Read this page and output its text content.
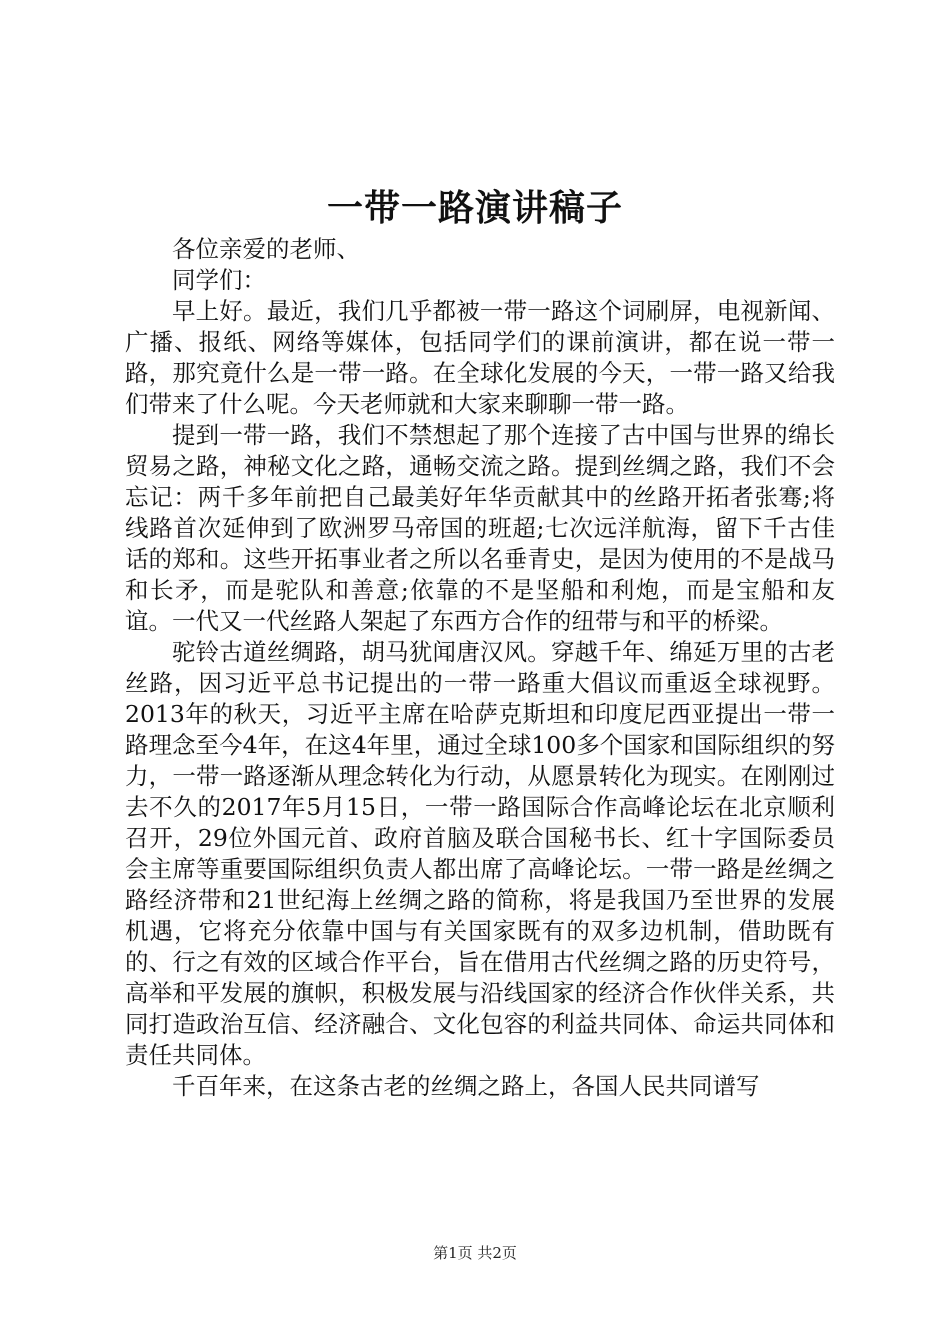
一带一路演讲稿子

各位亲爱的老师、

同学们：

早上好。最近，我们几乎都被一带一路这个词刷屏，电视新闻、广播、报纸、网络等媒体，包括同学们的课前演讲，都在说一带一路，那究竟什么是一带一路。在全球化发展的今天，一带一路又给我们带来了什么呢。今天老师就和大家来聊聊一带一路。

提到一带一路，我们不禁想起了那个连接了古中国与世界的绵长贸易之路，神秘文化之路，通畅交流之路。提到丝绸之路，我们不会忘记：两千多年前把自己最美好年华贡献其中的丝路开拓者张骞;将线路首次延伸到了欧洲罗马帝国的班超;七次远洋航海，留下千古佳话的郑和。这些开拓事业者之所以名垂青史，是因为使用的不是战马和长矛，而是驼队和善意;依靠的不是坚船和利炮，而是宝船和友谊。一代又一代丝路人架起了东西方合作的纽带与和平的桥梁。

驼铃古道丝绸路，胡马犹闻唐汉风。穿越千年、绵延万里的古老丝路，因习近平总书记提出的一带一路重大倡议而重返全球视野。2013年的秋天，习近平主席在哈萨克斯坦和印度尼西亚提出一带一路理念至今4年，在这4年里，通过全球100多个国家和国际组织的努力，一带一路逐渐从理念转化为行动，从愿景转化为现实。在刚刚过去不久的2017年5月15日，一带一路国际合作高峰论坛在北京顺利召开，29位外国元首、政府首脑及联合国秘书长、红十字国际委员会主席等重要国际组织负责人都出席了高峰论坛。一带一路是丝绸之路经济带和21世纪海上丝绸之路的简称，将是我国乃至世界的发展机遇，它将充分依靠中国与有关国家既有的双多边机制，借助既有的、行之有效的区域合作平台，旨在借用古代丝绸之路的历史符号，高举和平发展的旗帜，积极发展与沿线国家的经济合作伙伴关系，共同打造政治互信、经济融合、文化包容的利益共同体、命运共同体和责任共同体。

千百年来，在这条古老的丝绸之路上，各国人民共同谱写

第1页 共2页
